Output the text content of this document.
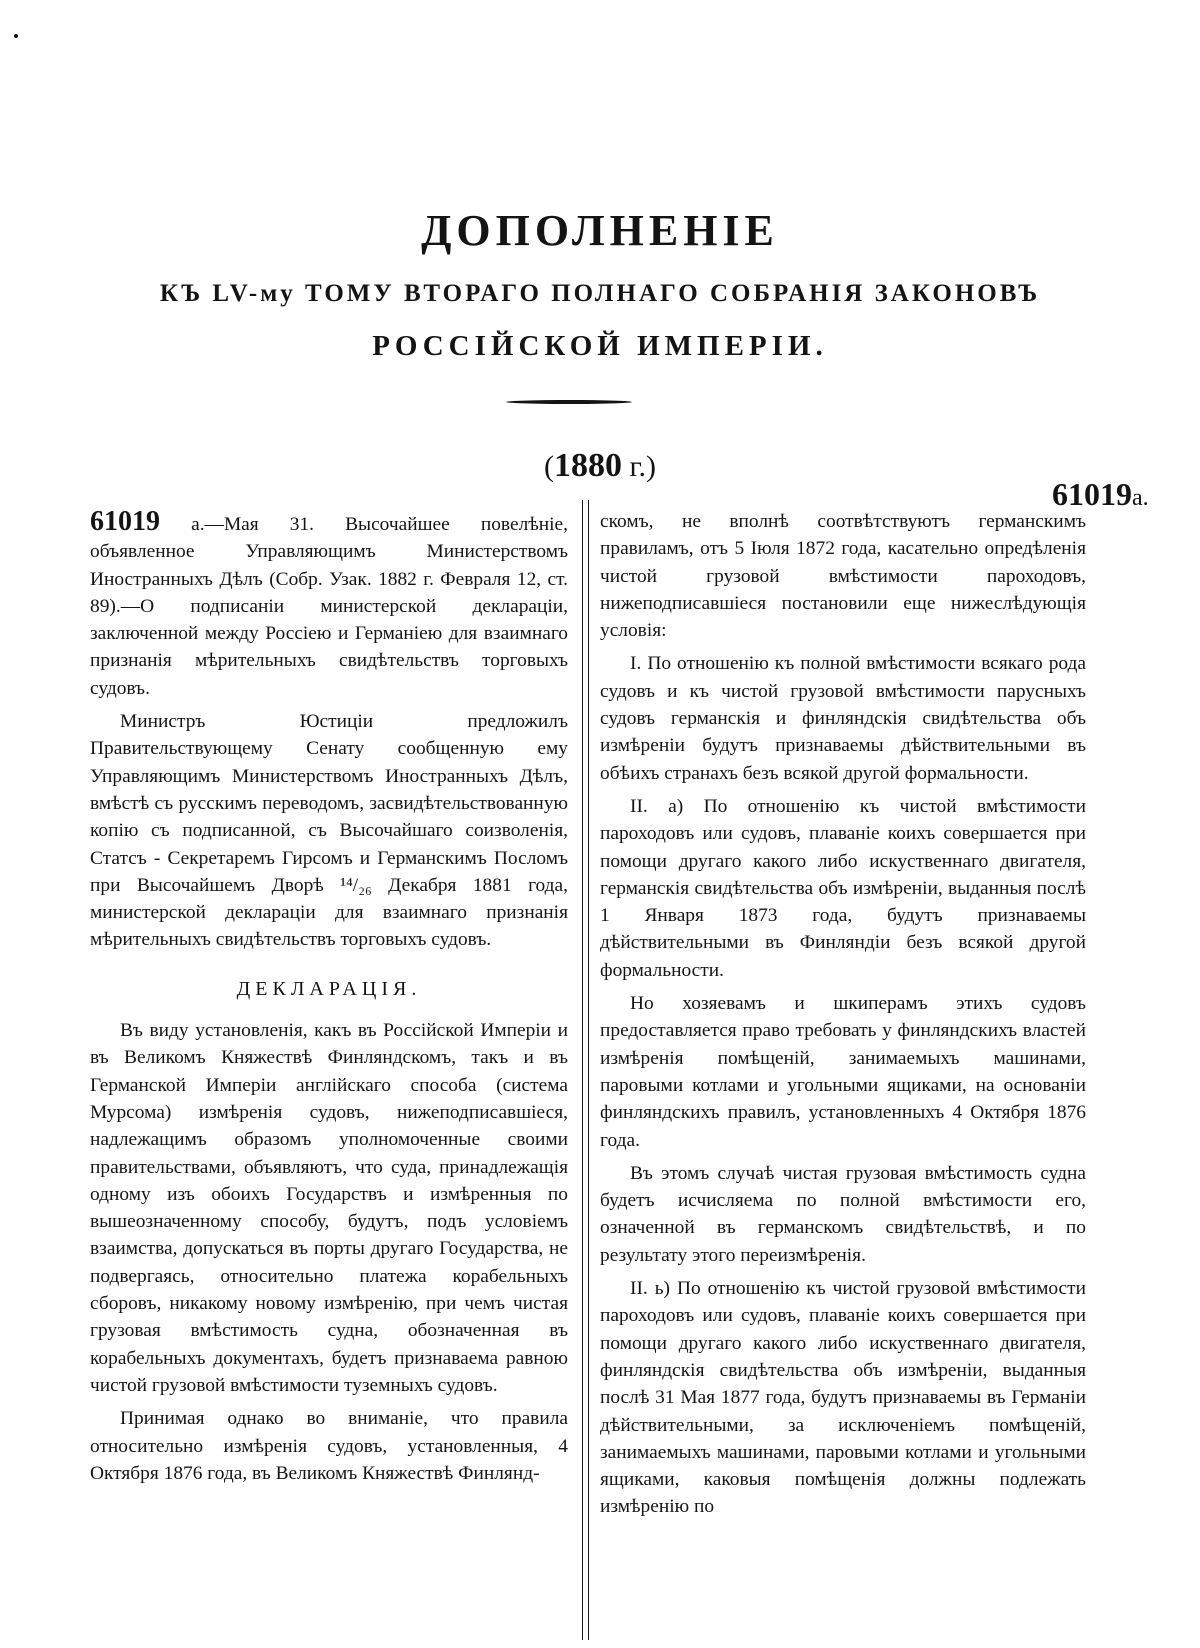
ДОПОЛНЕНІЕ
КЪ LV-му ТОМУ ВТОРАГО ПОЛНАГО СОБРАНІЯ ЗАКОНОВЪ
РОССІЙСКОЙ ИМПЕРІИ.
(1880 г.)
61019а.

61019 а.—Мая 31. Высочайшее повелѣніе, объявленное Управляющимъ Министерствомъ Иностранныхъ Дѣлъ (Собр. Узак. 1882 г. Февраля 12, ст. 89).—О подписаніи министерской декларацiи, заключенной между Россiею и Германiею для взаимнаго признанія мѣрительныхъ свидѣтельствъ торговыхъ судовъ.

Министръ Юстиціи предложилъ Правительствующему Сенату сообщенную ему Управляющимъ Министерствомъ Иностранныхъ Дѣлъ, вмѣстѣ съ русскимъ переводомъ, засвидѣтельствованную копію съ подписанной, съ Высочайшаго соизволенія, Статсъ - Секретаремъ Гирсомъ и Германскимъ Посломъ при Высочайшемъ Дворѣ ¹⁴/₂₆ Декабря 1881 года, министерской декларацiи для взаимнаго признанія мѣрительныхъ свидѣтельствъ торговыхъ судовъ.

ДЕКЛАРАЦІЯ.

Въ виду установленія, какъ въ Россійской Имперіи и въ Великомъ Княжествѣ Финляндскомъ, такъ и въ Германской Имперіи англійскаго способа (система Мурсома) измѣренія судовъ, нижеподписавшіеся, надлежащимъ образомъ уполномоченные своими правительствами, объявляютъ, что суда, принадлежащія одному изъ обоихъ Государствъ и измѣренныя по вышеозначенному способу, будутъ, подъ условіемъ взаимства, допускаться въ порты другаго Государства, не подвергаясь, относительно платежа корабельныхъ сборовъ, никакому новому измѣренію, при чемъ чистая грузовая вмѣстимость судна, обозначенная въ корабельныхъ документахъ, будетъ признаваема равною чистой грузовой вмѣстимости туземныхъ судовъ.

Принимая однако во вниманіе, что правила относительно измѣренія судовъ, установленныя, 4 Октября 1876 года, въ Великомъ Княжествѣ Финлянд-

скомъ, не вполнѣ соотвѣтствуютъ германскимъ правиламъ, отъ 5 Іюля 1872 года, касательно опредѣленія чистой грузовой вмѣстимости пароходовъ, нижеподписавшіеся постановили еще нижеслѣдующія условія:

I. По отношенію къ полной вмѣстимости всякаго рода судовъ и къ чистой грузовой вмѣстимости парусныхъ судовъ германскія и финляндскія свидѣтельства объ измѣреніи будутъ признаваемы дѣйствительными въ обѣихъ странахъ безъ всякой другой формальности.

II. а) По отношенію къ чистой вмѣстимости пароходовъ или судовъ, плаваніе коихъ совершается при помощи другаго какого либо искуственнаго двигателя, германскія свидѣтельства объ измѣреніи, выданныя послѣ 1 Января 1873 года, будутъ признаваемы дѣйствительными въ Финляндіи безъ всякой другой формальности.

Но хозяевамъ и шкиперамъ этихъ судовъ предоставляется право требовать у финляндскихъ властей измѣренія помѣщеній, занимаемыхъ машинами, паровыми котлами и угольными ящиками, на основаніи финляндскихъ правилъ, установленныхъ 4 Октября 1876 года.

Въ этомъ случаѣ чистая грузовая вмѣстимость судна будетъ исчисляема по полной вмѣстимости его, означенной въ германскомъ свидѣтельствѣ, и по результату этого переизмѣренія.

II. ь) По отношенію къ чистой грузовой вмѣстимости пароходовъ или судовъ, плаваніе коихъ совершается при помощи другаго какого либо искуственнаго двигателя, финляндскія свидѣтельства объ измѣреніи, выданныя послѣ 31 Мая 1877 года, будутъ признаваемы въ Германіи дѣйствительными, за исключеніемъ помѣщеній, занимаемыхъ машинами, паровыми котлами и угольными ящиками, каковыя помѣщенія должны подлежать измѣренію по
